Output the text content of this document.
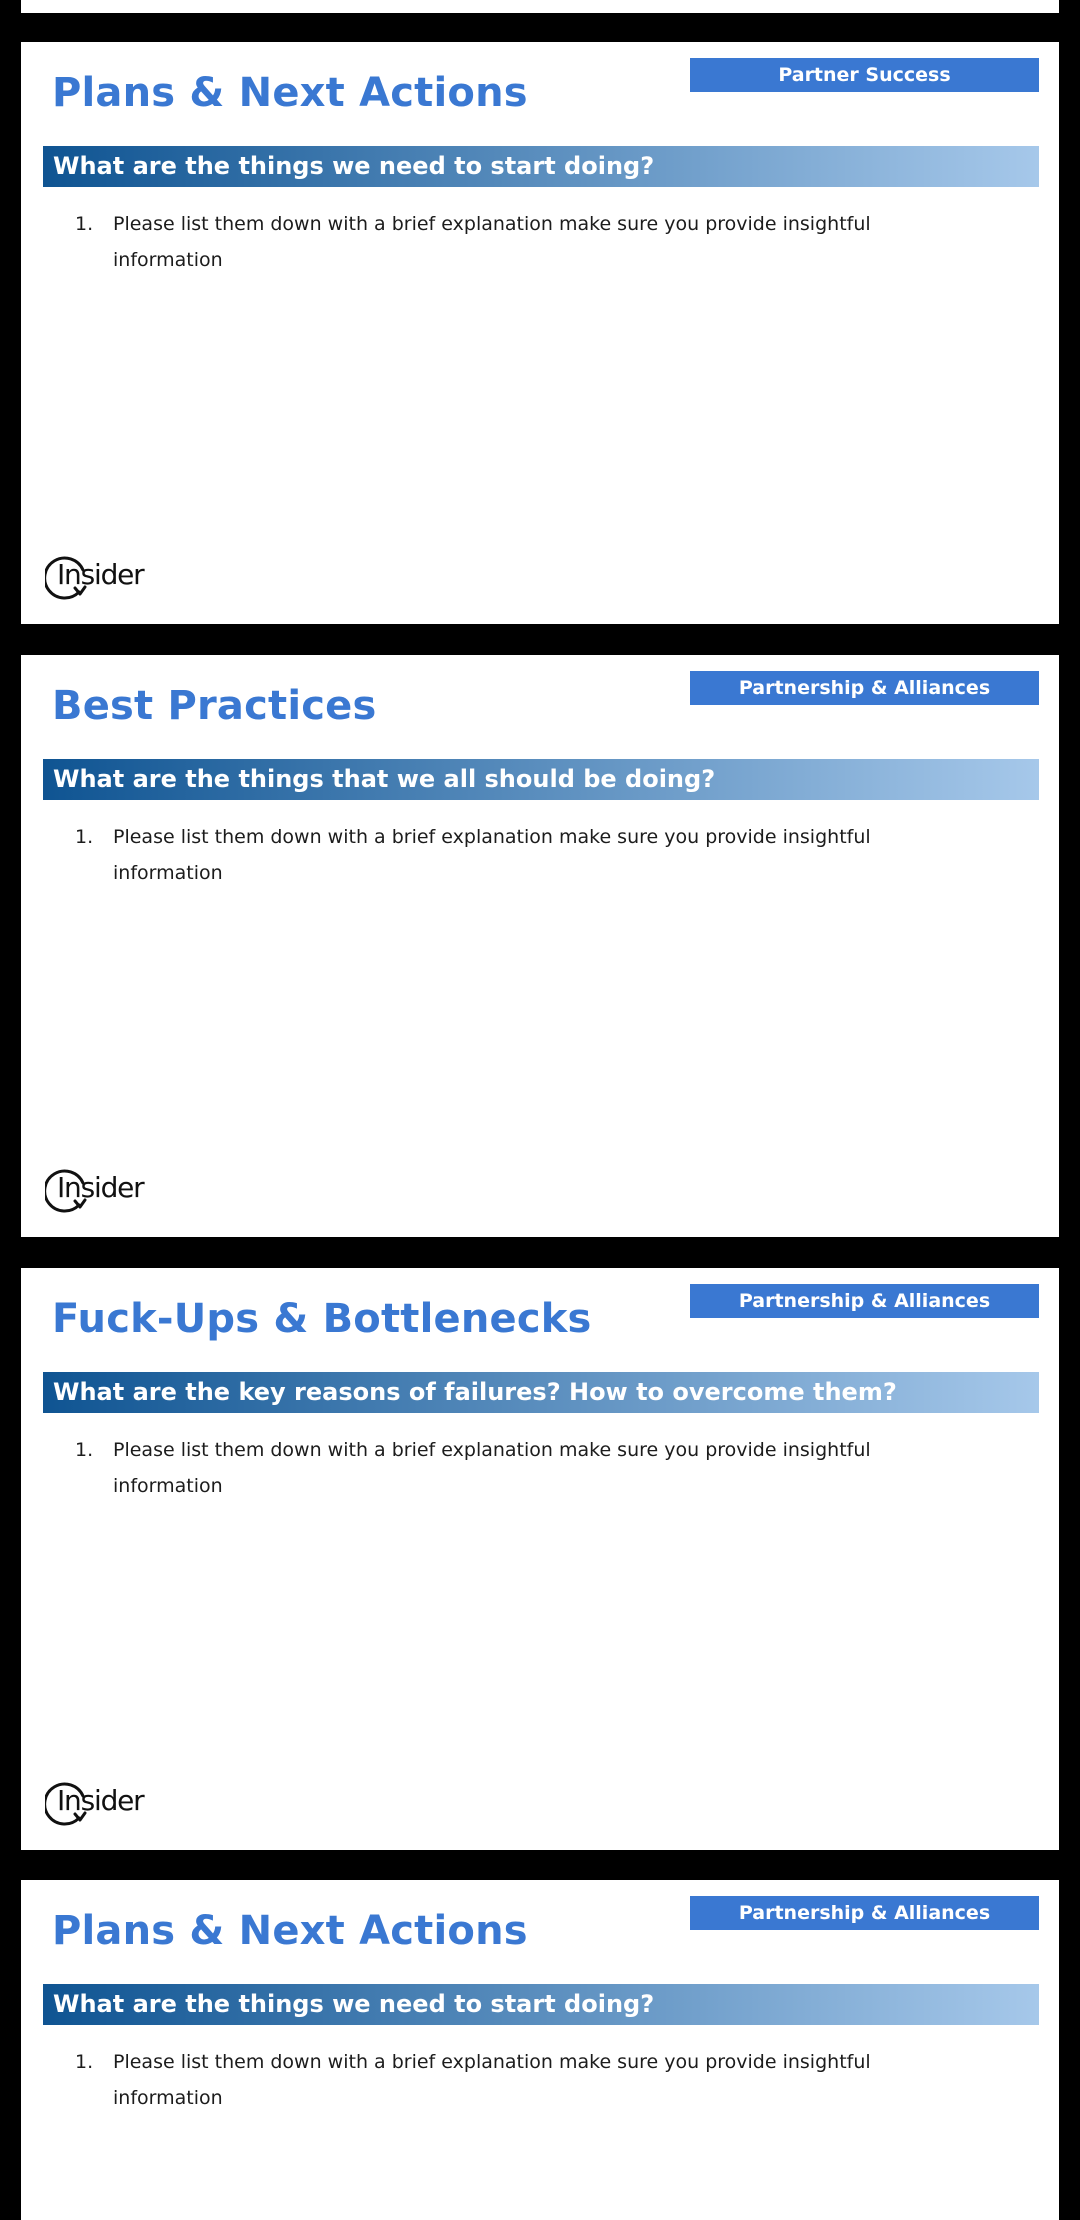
Plans & Next Actions	Partner Success
What are the things we need to start doing?
1.	Please list them down with a brief explanation make sure you provide insightful information
Insider
Best Practices	Partnership & Alliances
What are the things that we all should be doing?
1.	Please list them down with a brief explanation make sure you provide insightful information
Insider
Fuck-Ups & Bottlenecks	Partnership & Alliances
What are the key reasons of failures? How to overcome them?
1.	Please list them down with a brief explanation make sure you provide insightful information
Insider
Plans & Next Actions	Partnership & Alliances
What are the things we need to start doing?
1.	Please list them down with a brief explanation make sure you provide insightful information
